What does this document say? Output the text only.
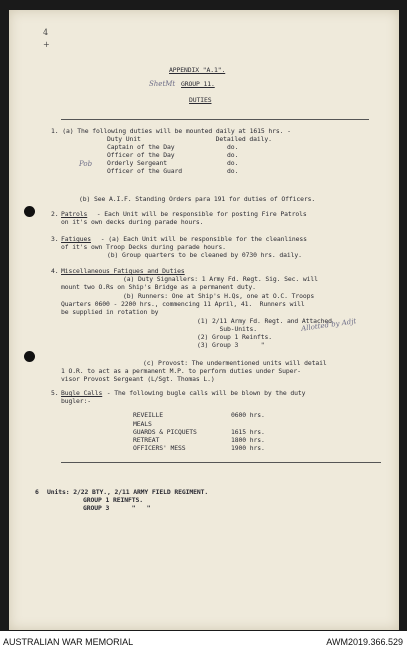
4
+
APPENDIX "A.1".
ShetMt GROUP 11.
DUTIES
1. (a) The following duties will be mounted daily at 1615 hrs. -
Duty Unit                    Detailed daily.
Pob
Captain of the Day	do.
Officer of the Day	do.
Orderly Sergeant	do.
Officer of the Guard	do.
(b) See A.I.F. Standing Orders para 191 for duties of Officers.
2. Patrols - Each Unit will be responsible for posting Fire Patrols
on it's own decks during parade hours.
3. Fatigues - (a) Each Unit will be responsible for the cleanliness
of it's own Troop Decks during parade hours.
(b) Group quarters to be cleaned by 0730 hrs. daily.
4. Miscellaneous Fatigues and Duties
(a) Duty Signallers: 1 Army Fd. Regt. Sig. Sec. will
mount two O.Rs on Ship's Bridge as a permanent duty.
(b) Runners: One at Ship's H.Qs, one at O.C. Troops
Quarters 0600 - 2200 hrs., commencing 11 April, 41.  Runners will
be supplied in rotation by
(1) 2/11 Army Fd. Regt. and Attached
Sub-Units.
(2) Group 1 Reinfts.
(3) Group 3      "
Allotted by Adjt
(c) Provost: The undermentioned units will detail
1 O.R. to act as a permanent M.P. to perform duties under Super-
visor Provost Sergeant (L/Sgt. Thomas L.)
5. Bugle Calls - The following bugle calls will be blown by the duty
bugler:-
REVEILLE	0600 hrs.
MEALS
GUARDS & PICQUETS	1615 hrs.
RETREAT	1800 hrs.
OFFICERS' MESS	1900 hrs.
6 Units: 2/22 BTY., 2/11 ARMY FIELD REGIMENT.
GROUP 1 REINFTS.
GROUP 3      "   "
AUSTRALIAN WAR MEMORIAL	AWM2019.366.529
